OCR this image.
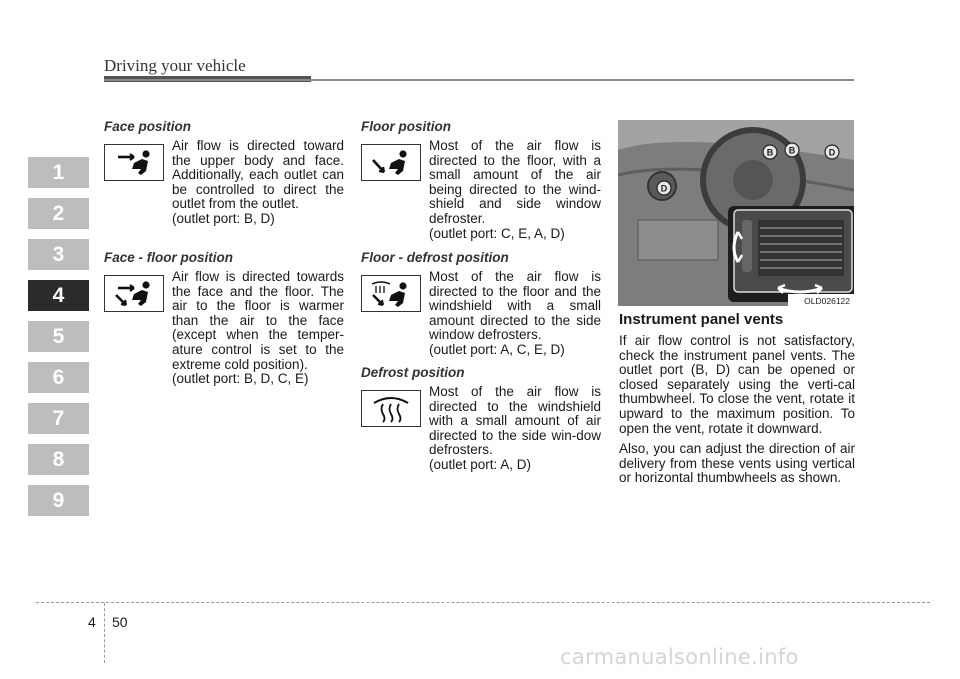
Driving your vehicle
1
2
3
4
5
6
7
8
9
Face position

Air flow is directed toward the upper body and face. Additionally, each outlet can be controlled to direct the outlet from the outlet.

(outlet port: B, D)

Face - floor position

Air flow is directed towards the face and the floor. The air to the floor is warmer than the air to the face (except when the temper-ature control is set to the extreme cold position).

(outlet port: B, D, C, E)

Floor position

Most of the air flow is directed to the floor, with a small amount of the air being directed to the wind-shield and side window defroster.

(outlet port: C, E, A, D)

Floor - defrost position

Most of the air flow is directed to the floor and the windshield with a small amount directed to the side window defrosters.

(outlet port: A, C, E, D)

Defrost position

Most of the air flow is directed to the windshield with a small amount of air directed to the side win-dow defrosters.

(outlet port: A, D)

B B	D
D
OLD026122
Instrument panel vents

If air flow control is not satisfactory, check the instrument panel vents. The outlet port (B, D) can be opened or closed separately using the verti-cal thumbwheel. To close the vent, rotate it upward to the maximum position. To open the vent, rotate it downward.

Also, you can adjust the direction of air delivery from these vents using vertical or horizontal thumbwheels as shown.

4 50
carmanualsonline.info
